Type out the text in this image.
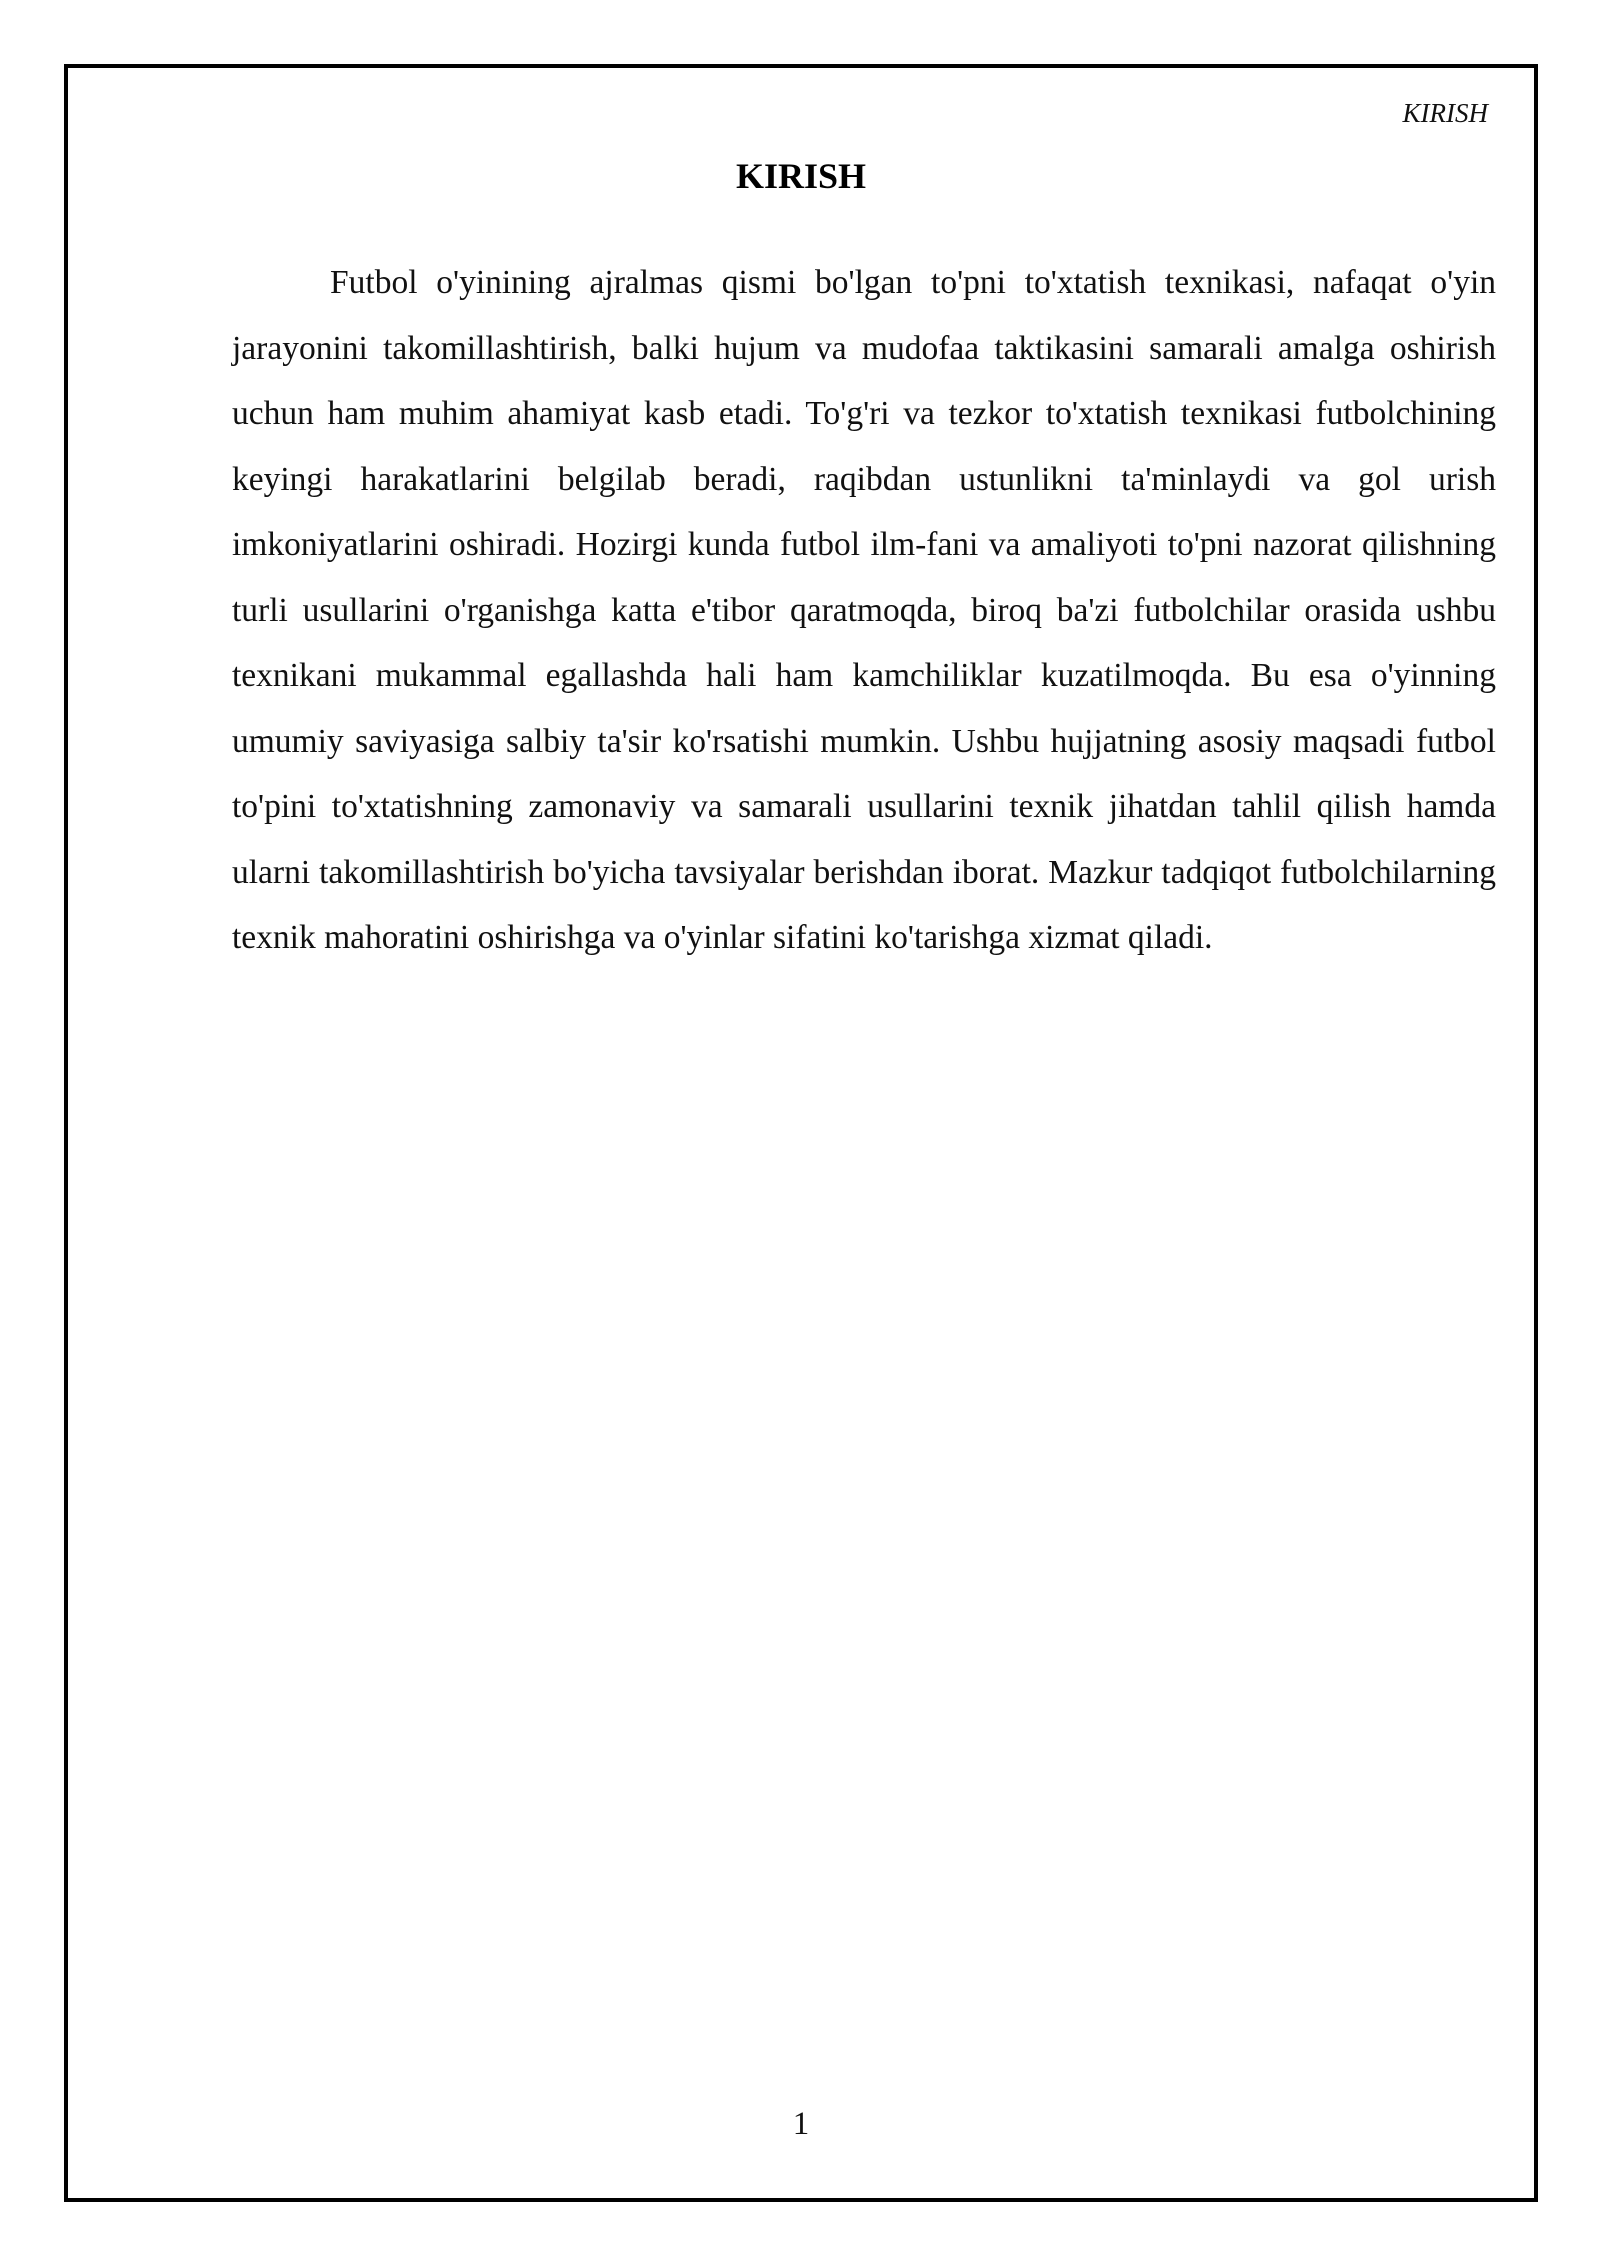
KIRISH
KIRISH

Futbol o'yinining ajralmas qismi bo'lgan to'pni to'xtatish texnikasi, nafaqat o'yin jarayonini takomillashtirish, balki hujum va mudofaa taktikasini samarali amalga oshirish uchun ham muhim ahamiyat kasb etadi. To'g'ri va tezkor to'xtatish texnikasi futbolchining keyingi harakatlarini belgilab beradi, raqibdan ustunlikni ta'minlaydi va gol urish imkoniyatlarini oshiradi. Hozirgi kunda futbol ilm-fani va amaliyoti to'pni nazorat qilishning turli usullarini o'rganishga katta e'tibor qaratmoqda, biroq ba'zi futbolchilar orasida ushbu texnikani mukammal egallashda hali ham kamchiliklar kuzatilmoqda. Bu esa o'yinning umumiy saviyasiga salbiy ta'sir ko'rsatishi mumkin. Ushbu hujjatning asosiy maqsadi futbol to'pini to'xtatishning zamonaviy va samarali usullarini texnik jihatdan tahlil qilish hamda ularni takomillashtirish bo'yicha tavsiyalar berishdan iborat. Mazkur tadqiqot futbolchilarning texnik mahoratini oshirishga va o'yinlar sifatini ko'tarishga xizmat qiladi.

1
